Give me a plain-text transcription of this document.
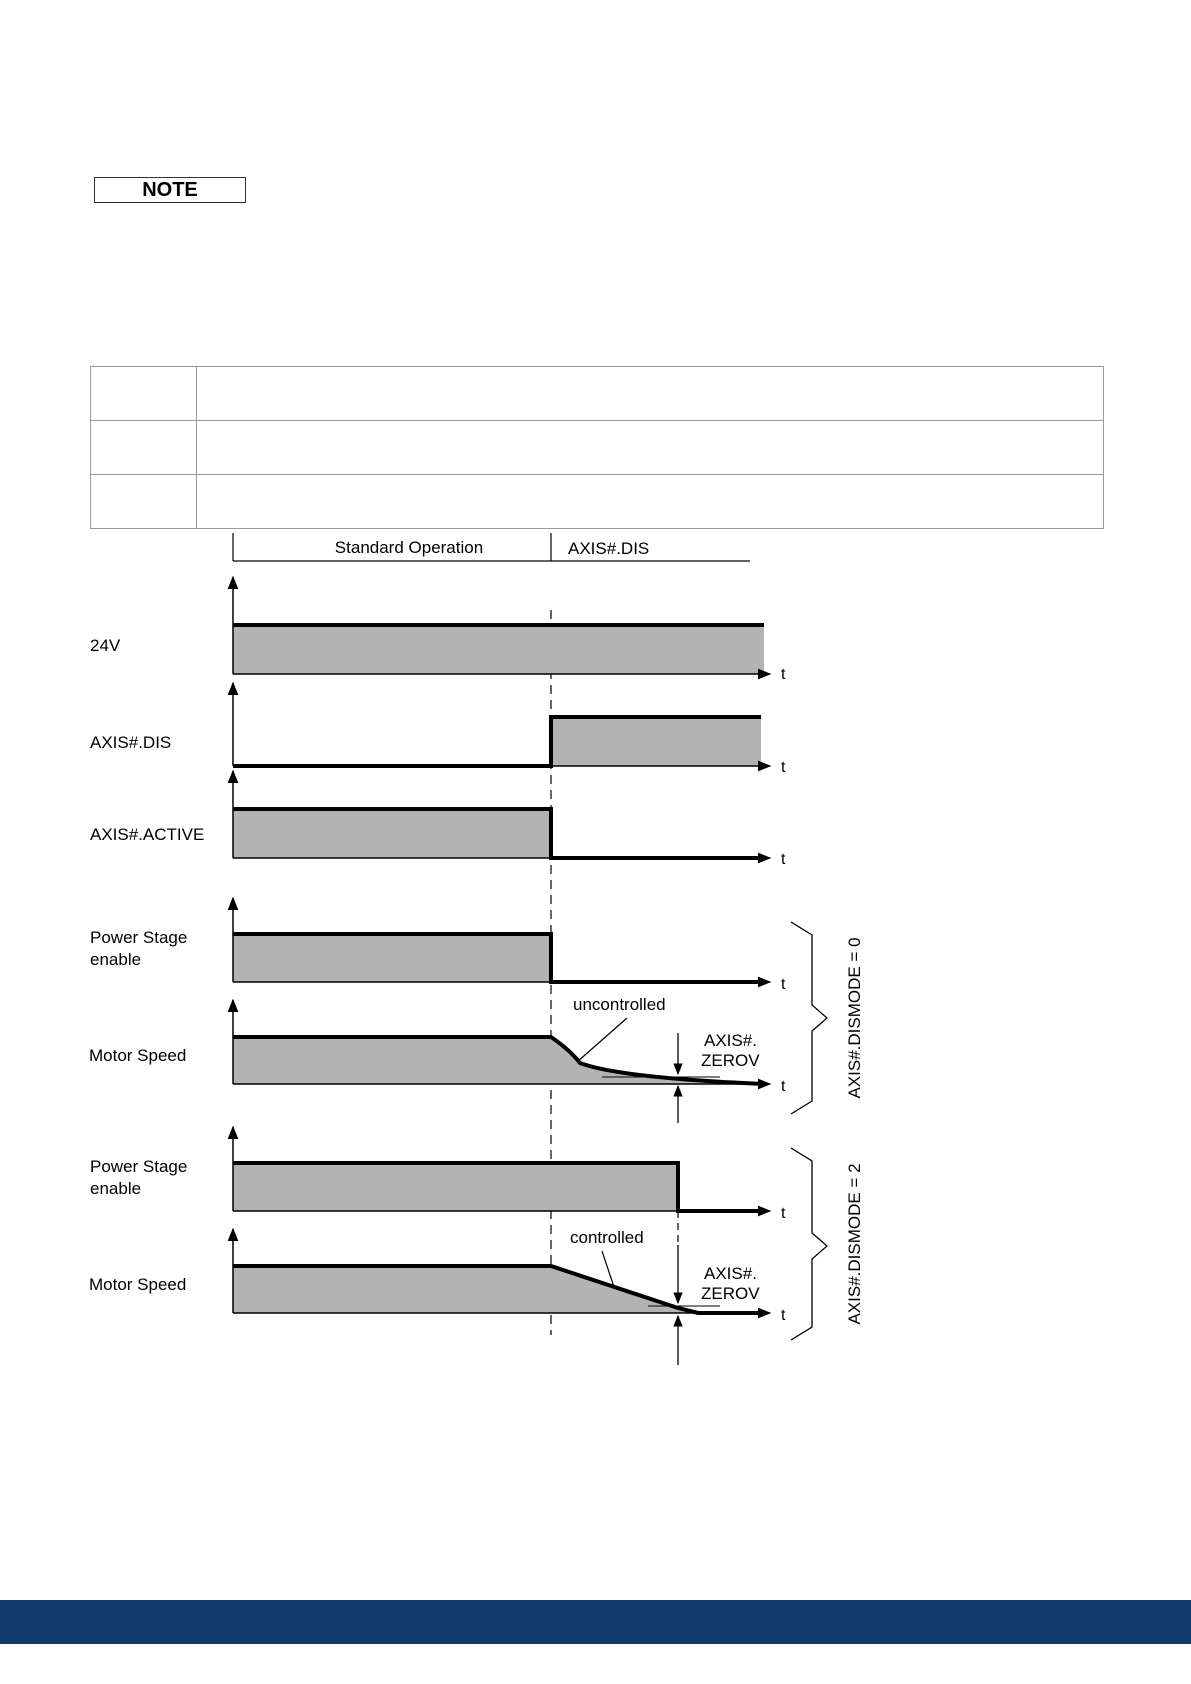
NOTE

Standard Operation	AXIS#.DIS
t
24V
t
AXIS#.DIS
t
AXIS#.ACTIVE
t
Power Stage
enable
t
Motor Speed
uncontrolled
AXIS#.
ZEROV	AXIS#.DISMODE = 0
t
Power Stage
enable
t
Motor Speed
controlled
AXIS#.
ZEROV	AXIS#.DISMODE = 2
